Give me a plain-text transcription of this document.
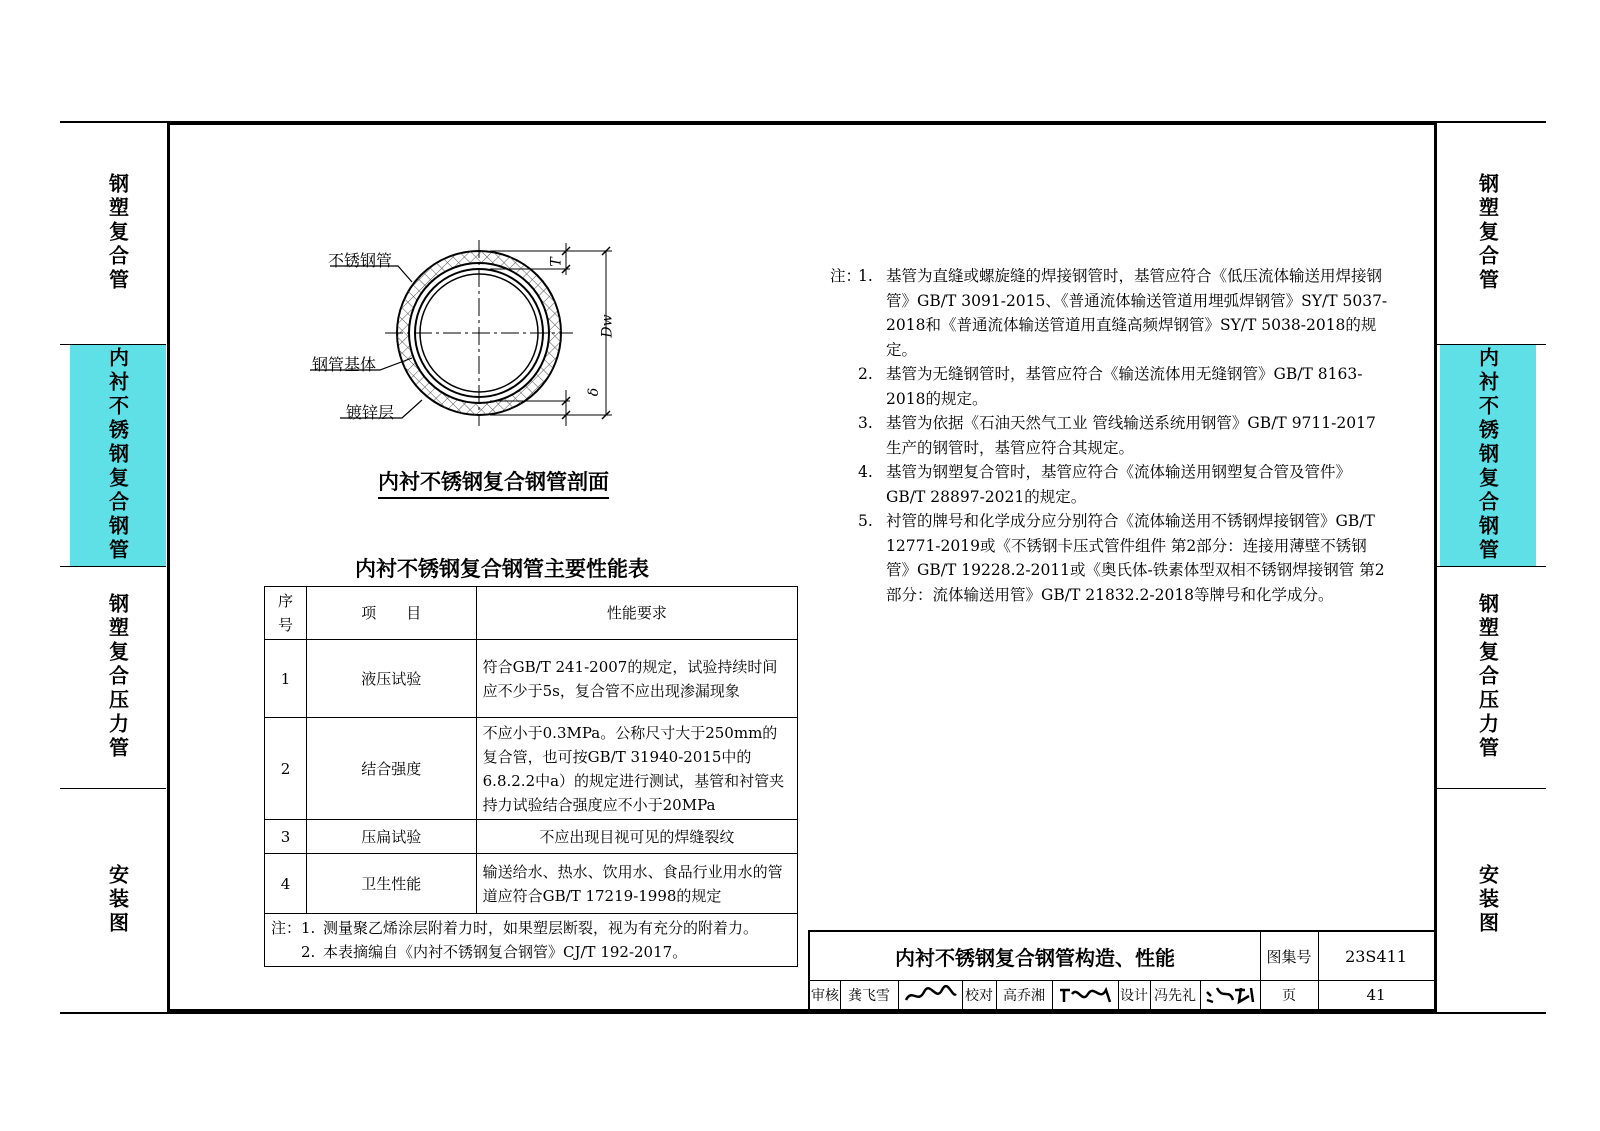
钢塑复合管
内衬不锈钢复合钢管
钢塑复合压力管
安装图
钢塑复合管
内衬不锈钢复合钢管
钢塑复合压力管
安装图
不锈钢管
钢管基体
镀锌层
T
Dw
δ
内衬不锈钢复合钢管剖面
内衬不锈钢复合钢管主要性能表
序号	项　　目	性能要求
1	液压试验	符合GB/T 241-2007的规定，试验持续时间应不少于5s，复合管不应出现渗漏现象
2	结合强度	不应小于0.3MPa。公称尺寸大于250mm的复合管，也可按GB/T 31940-2015中的6.8.2.2中a）的规定进行测试，基管和衬管夹持力试验结合强度应不小于20MPa
3	压扁试验	不应出现目视可见的焊缝裂纹
4	卫生性能	输送给水、热水、饮用水、食品行业用水的管道应符合GB/T 17219-1998的规定

注： 1. 测量聚乙烯涂层附着力时，如果塑层断裂，视为有充分的附着力。
2. 本表摘编自《内衬不锈钢复合钢管》CJ/T 192-2017。		
注：
1. 基管为直缝或螺旋缝的焊接钢管时，基管应符合《低压流体输送用焊接钢管》GB/T 3091-2015、《普通流体输送管道用埋弧焊钢管》SY/T 5037-2018和《普通流体输送管道用直缝高频焊钢管》SY/T 5038-2018的规定。
2. 基管为无缝钢管时，基管应符合《输送流体用无缝钢管》GB/T 8163-2018的规定。
3. 基管为依据《石油天然气工业 管线输送系统用钢管》GB/T 9711-2017生产的钢管时，基管应符合其规定。
4. 基管为钢塑复合管时，基管应符合《流体输送用钢塑复合管及管件》GB/T 28897-2021的规定。
5. 衬管的牌号和化学成分应分别符合《流体输送用不锈钢焊接钢管》GB/T 12771-2019或《不锈钢卡压式管件组件 第2部分：连接用薄壁不锈钢管》GB/T 19228.2-2011或《奥氏体-铁素体型双相不锈钢焊接钢管 第2部分：流体输送用管》GB/T 21832.2-2018等牌号和化学成分。
内衬不锈钢复合钢管构造、性能	图集号	23S411
审核 龚飞雪	校对 高乔湘	设计 冯先礼	页	41
